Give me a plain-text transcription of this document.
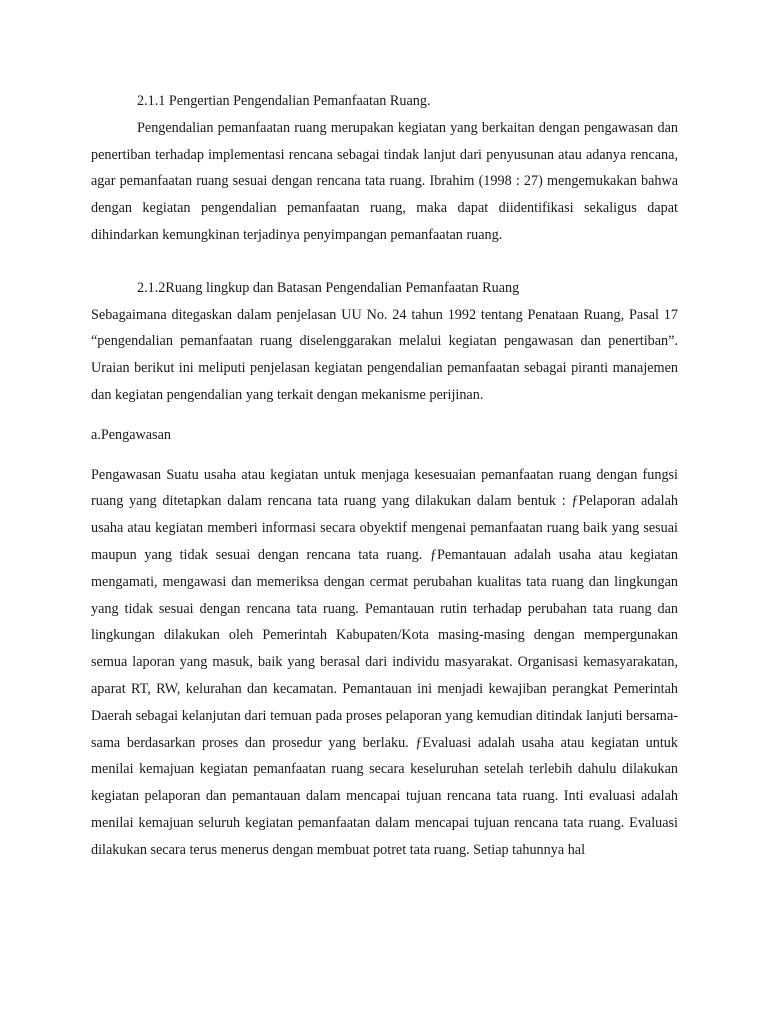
2.1.1 Pengertian Pengendalian Pemanfaatan Ruang.

Pengendalian pemanfaatan ruang merupakan kegiatan yang berkaitan dengan pengawasan dan penertiban terhadap implementasi rencana sebagai tindak lanjut dari penyusunan atau adanya rencana, agar pemanfaatan ruang sesuai dengan rencana tata ruang. Ibrahim (1998 : 27) mengemukakan bahwa dengan kegiatan pengendalian pemanfaatan ruang, maka dapat diidentifikasi sekaligus dapat dihindarkan kemungkinan terjadinya penyimpangan pemanfaatan ruang.

2.1.2Ruang lingkup dan Batasan Pengendalian Pemanfaatan Ruang

Sebagaimana ditegaskan dalam penjelasan UU No. 24 tahun 1992 tentang Penataan Ruang, Pasal 17 “pengendalian pemanfaatan ruang diselenggarakan melalui kegiatan pengawasan dan penertiban”. Uraian berikut ini meliputi penjelasan kegiatan pengendalian pemanfaatan sebagai piranti manajemen dan kegiatan pengendalian yang terkait dengan mekanisme perijinan.

a.Pengawasan

Pengawasan Suatu usaha atau kegiatan untuk menjaga kesesuaian pemanfaatan ruang dengan fungsi ruang yang ditetapkan dalam rencana tata ruang yang dilakukan dalam bentuk : ƒPelaporan adalah usaha atau kegiatan memberi informasi secara obyektif mengenai pemanfaatan ruang baik yang sesuai maupun yang tidak sesuai dengan rencana tata ruang. ƒPemantauan adalah usaha atau kegiatan mengamati, mengawasi dan memeriksa dengan cermat perubahan kualitas tata ruang dan lingkungan yang tidak sesuai dengan rencana tata ruang. Pemantauan rutin terhadap perubahan tata ruang dan lingkungan dilakukan oleh Pemerintah Kabupaten/Kota masing-masing dengan mempergunakan semua laporan yang masuk, baik yang berasal dari individu masyarakat. Organisasi kemasyarakatan, aparat RT, RW, kelurahan dan kecamatan. Pemantauan ini menjadi kewajiban perangkat Pemerintah Daerah sebagai kelanjutan dari temuan pada proses pelaporan yang kemudian ditindak lanjuti bersama-sama berdasarkan proses dan prosedur yang berlaku. ƒEvaluasi adalah usaha atau kegiatan untuk menilai kemajuan kegiatan pemanfaatan ruang secara keseluruhan setelah terlebih dahulu dilakukan kegiatan pelaporan dan pemantauan dalam mencapai tujuan rencana tata ruang. Inti evaluasi adalah menilai kemajuan seluruh kegiatan pemanfaatan dalam mencapai tujuan rencana tata ruang. Evaluasi dilakukan secara terus menerus dengan membuat potret tata ruang. Setiap tahunnya hal
